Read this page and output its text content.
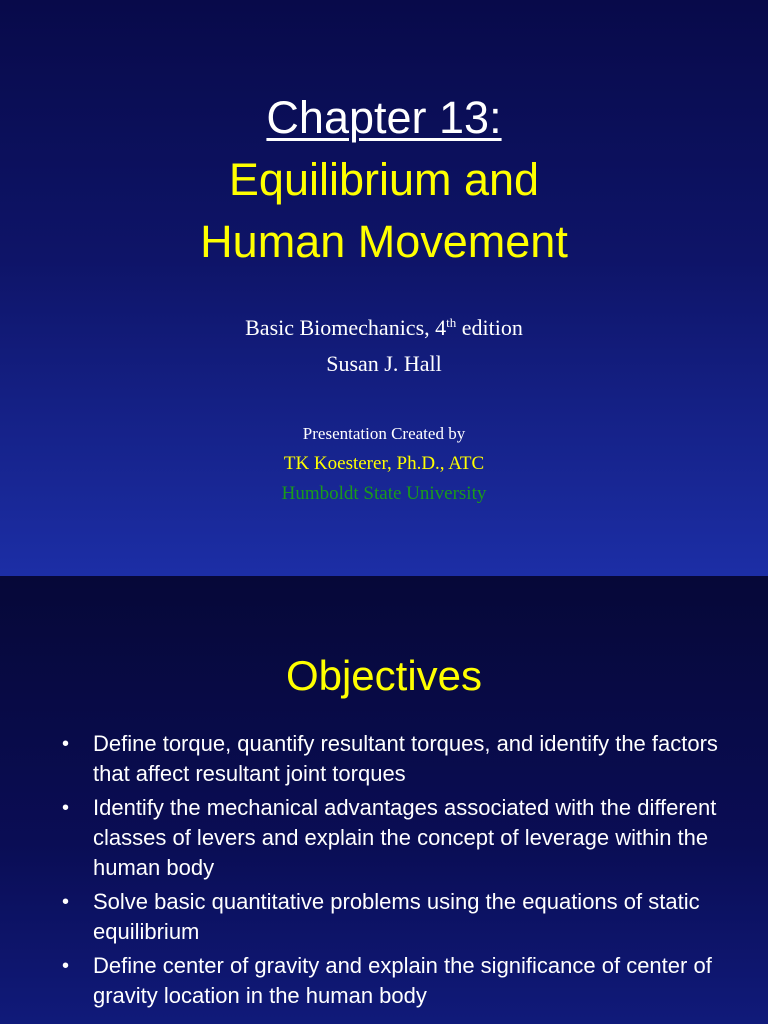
Chapter 13:
Equilibrium and
Human Movement
Basic Biomechanics, 4th edition
Susan J. Hall
Presentation Created by
TK Koesterer, Ph.D., ATC
Humboldt State University
Objectives
• Define torque, quantify resultant torques, and identify the factors that affect resultant joint torques
• Identify the mechanical advantages associated with the different classes of levers and explain the concept of leverage within the human body
• Solve basic quantitative problems using the equations of static equilibrium
• Define center of gravity and explain the significance of center of gravity location in the human body
